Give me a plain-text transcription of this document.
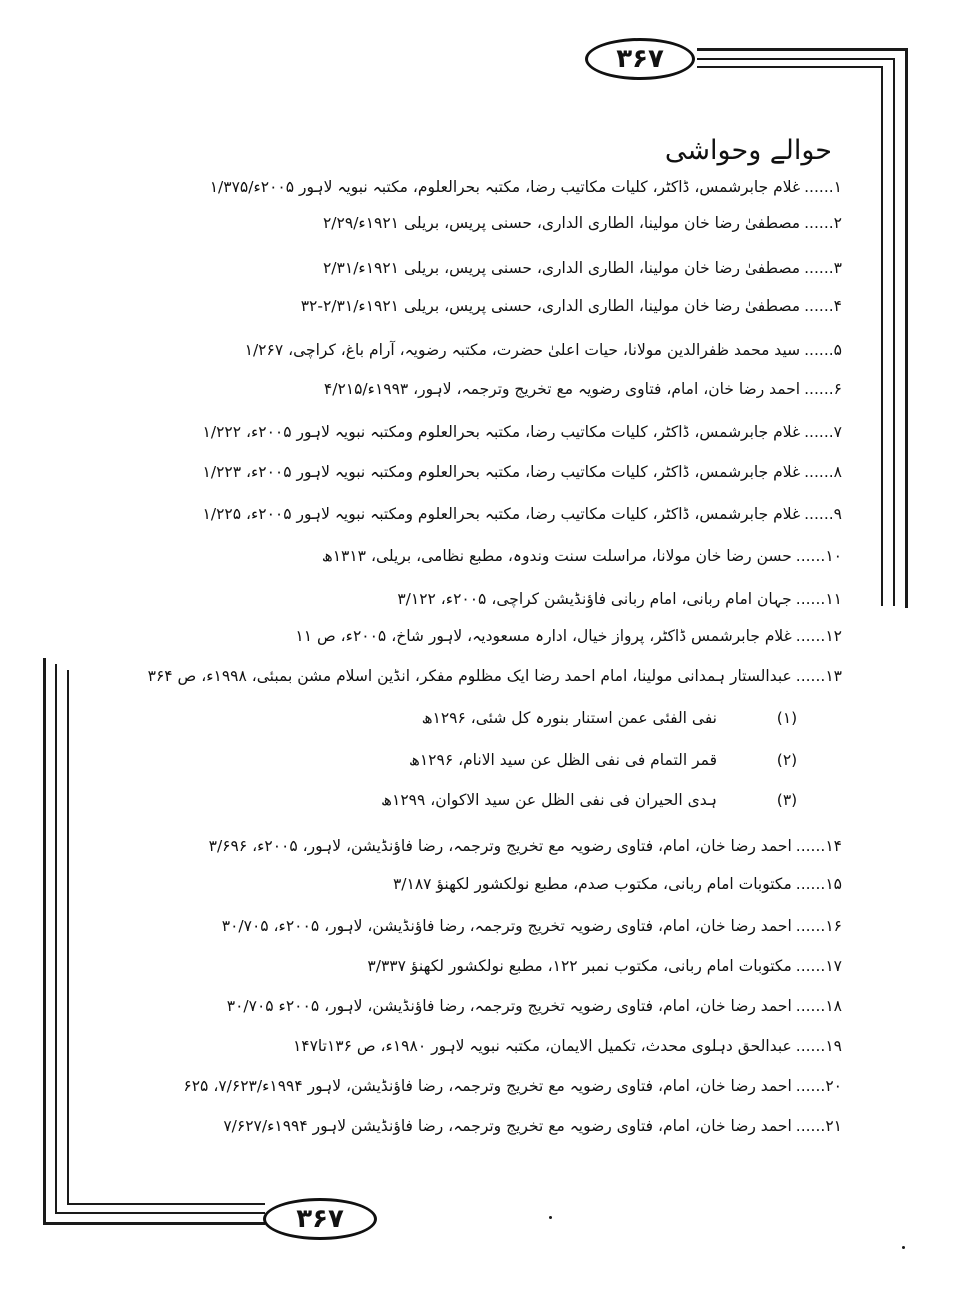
۳۶۷
۳۶۷
حوالے وحواشی
۱......غلام جابرشمس، ڈاکٹر، کلیات مکاتیب رضا، مکتبہ بحرالعلوم، مکتبہ نبویہ لاہور ۲۰۰۵ء/۱/۳۷۵
۲......مصطفیٰ رضا خان مولینا، الطاری الداری، حسنی پریس، بریلی ۱۹۲۱ء/۲/۲۹
۳......مصطفیٰ رضا خان مولینا، الطاری الداری، حسنی پریس، بریلی ۱۹۲۱ء/۲/۳۱
۴......مصطفیٰ رضا خان مولینا، الطاری الداری، حسنی پریس، بریلی ۱۹۲۱ء/۲/۳۱-۳۲
۵......سید محمد ظفرالدین مولانا، حیات اعلیٰ حضرت، مکتبہ رضویہ، آرام باغ، کراچی، ۱/۲۶۷
۶......احمد رضا خان، امام، فتاوی رضویہ مع تخریج وترجمہ، لاہور، ۱۹۹۳ء/۴/۲۱۵
۷......غلام جابرشمس، ڈاکٹر، کلیات مکاتیب رضا، مکتبہ بحرالعلوم ومکتبہ نبویہ لاہور ۲۰۰۵ء، ۱/۲۲۲
۸......غلام جابرشمس، ڈاکٹر، کلیات مکاتیب رضا، مکتبہ بحرالعلوم ومکتبہ نبویہ لاہور ۲۰۰۵ء، ۱/۲۲۳
۹......غلام جابرشمس، ڈاکٹر، کلیات مکاتیب رضا، مکتبہ بحرالعلوم ومکتبہ نبویہ لاہور ۲۰۰۵ء، ۱/۲۲۵
۱۰......حسن رضا خان مولانا، مراسلت سنت وندوہ، مطبع نظامی، بریلی، ۱۳۱۳ھ
۱۱......جہان امام ربانی، امام ربانی فاؤنڈیشن کراچی، ۲۰۰۵ء، ۳/۱۲۲
۱۲......غلام جابرشمس ڈاکٹر، پرواز خیال، ادارہ مسعودیہ، لاہور شاخ، ۲۰۰۵ء، ص ۱۱
۱۳......عبدالستار ہمدانی مولینا، امام احمد رضا ایک مظلوم مفکر، انڈین اسلام مشن بمبئی، ۱۹۹۸ء، ص ۳۶۴
(۱)
نفی الفئی عمن استنار بنورہ کل شئی، ۱۲۹۶ھ
(۲)
قمر التمام فی نفی الظل عن سید الانام، ۱۲۹۶ھ
(۳)
ہدی الحیران فی نفی الظل عن سید الاکوان، ۱۲۹۹ھ
۱۴......احمد رضا خان، امام، فتاوی رضویہ مع تخریج وترجمہ، رضا فاؤنڈیشن، لاہور، ۲۰۰۵ء، ۳/۶۹۶
۱۵......مکتوبات امام ربانی، مکتوب صدم، مطبع نولکشور لکھنؤ ۳/۱۸۷
۱۶......احمد رضا خان، امام، فتاوی رضویہ تخریج وترجمہ، رضا فاؤنڈیشن، لاہور، ۲۰۰۵ء، ۳۰/۷۰۵
۱۷......مکتوبات امام ربانی، مکتوب نمبر ۱۲۲، مطبع نولکشور لکھنؤ ۳/۳۳۷
۱۸......احمد رضا خان، امام، فتاوی رضویہ تخریج وترجمہ، رضا فاؤنڈیشن، لاہور، ۲۰۰۵ء ۳۰/۷۰۵
۱۹......عبدالحق دہلوی محدث، تکمیل الایمان، مکتبہ نبویہ لاہور ۱۹۸۰ء، ص ۱۳۶تا۱۴۷
۲۰......احمد رضا خان، امام، فتاوی رضویہ مع تخریج وترجمہ، رضا فاؤنڈیشن، لاہور ۱۹۹۴ء/۷/۶۲۳، ۶۲۵
۲۱......احمد رضا خان، امام، فتاوی رضویہ مع تخریج وترجمہ، رضا فاؤنڈیشن لاہور ۱۹۹۴ء/۷/۶۲۷
